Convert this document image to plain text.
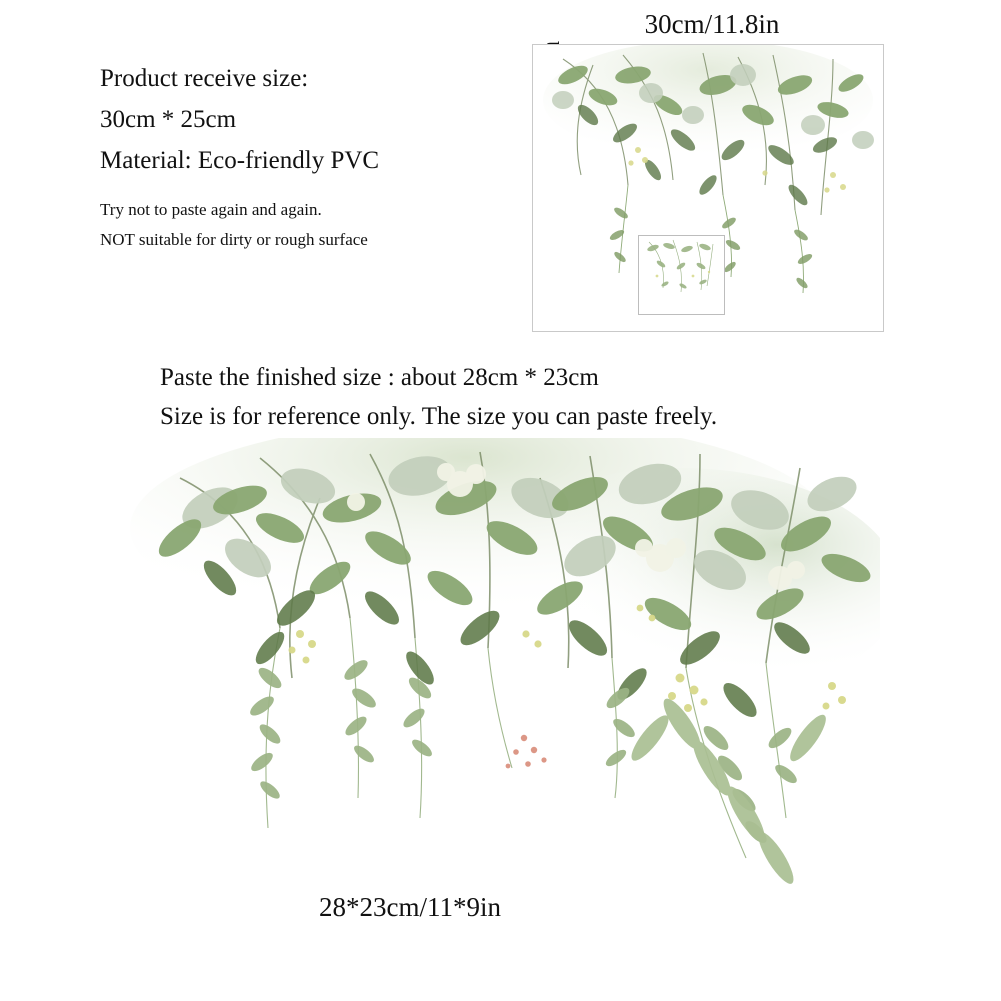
Product receive size:
30cm * 25cm
Material: Eco-friendly PVC
Try not to paste again and again.
NOT suitable for dirty or rough surface
30cm/11.8in
Paste the finished size : about 28cm * 23cm
Size is for reference only. The size you can paste freely.
28*23cm/11*9in
